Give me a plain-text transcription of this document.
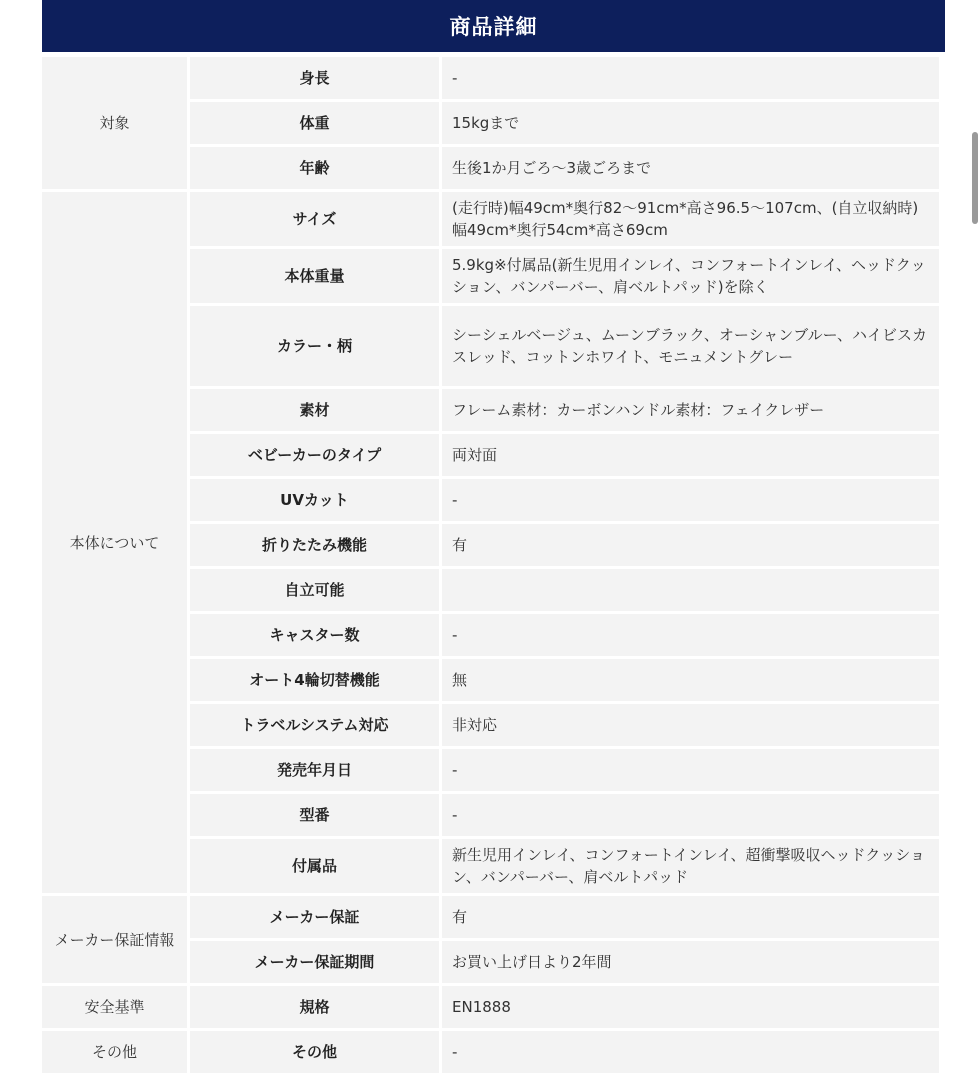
商品詳細
対象	身長	-
	体重	15kgまで
	年齢	生後1か月ごろ〜3歳ごろまで
本体について	サイズ	(走行時)幅49cm*奥行82〜91cm*高さ96.5〜107cm、(自立収納時)幅49cm*奥行54cm*高さ69cm
	本体重量	5.9kg※付属品(新生児用インレイ、コンフォートインレイ、ヘッドクッション、バンパーバー、肩ベルトパッド)を除く
	カラー・柄	シーシェルベージュ、ムーンブラック、オーシャンブルー、ハイビスカスレッド、コットンホワイト、モニュメントグレー
	素材	フレーム素材：カーボンハンドル素材：フェイクレザー
	ベビーカーのタイプ	両対面
	UVカット	-
	折りたたみ機能	有
	自立可能	
	キャスター数	-
	オート4輪切替機能	無
	トラベルシステム対応	非対応
	発売年月日	-
	型番	-
	付属品	新生児用インレイ、コンフォートインレイ、超衝撃吸収ヘッドクッション、バンパーバー、肩ベルトパッド
メーカー保証情報	メーカー保証	有
	メーカー保証期間	お買い上げ日より2年間
安全基準	規格	EN1888
その他	その他	-
